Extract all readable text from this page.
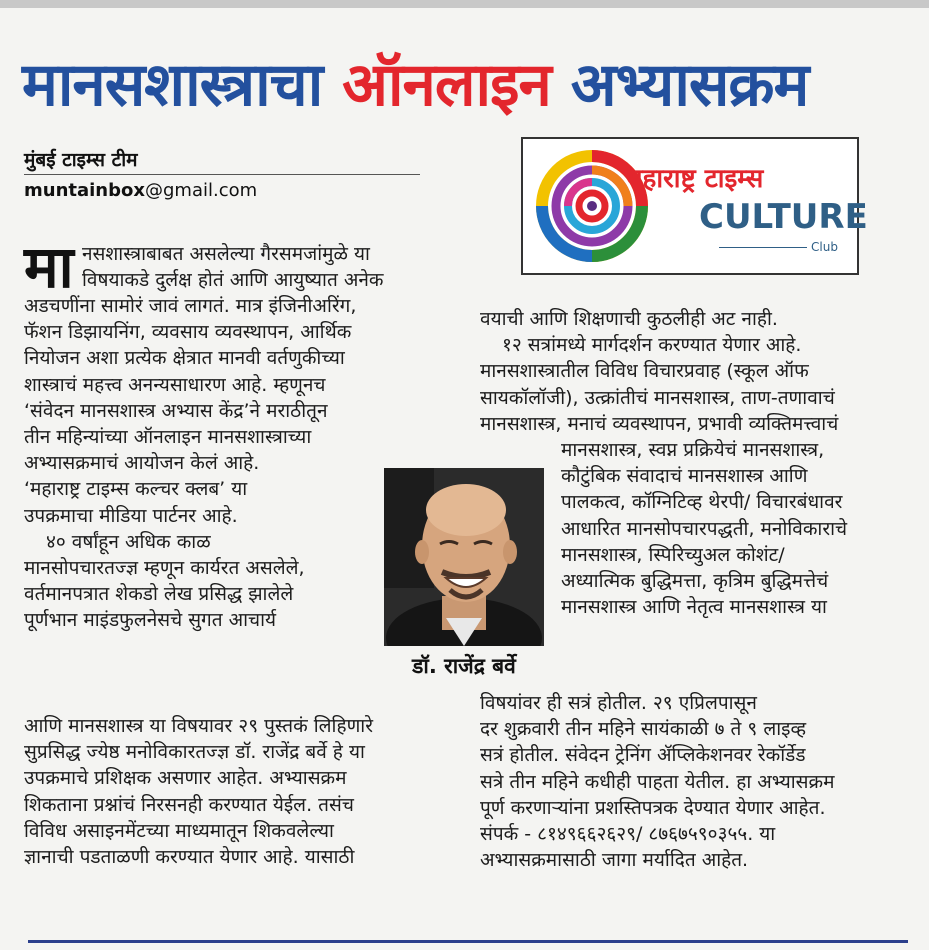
मानसशास्त्राचा ऑनलाइन अभ्यासक्रम
मुंबई टाइम्स टीम
muntainbox@gmail.com	महाराष्ट्र टाइम्स
CULTURE
Club
मा नसशास्त्राबाबत असलेल्या गैरसमजांमुळे या
विषयाकडे दुर्लक्ष होतं आणि आयुष्यात अनेक
अडचणींना सामोरं जावं लागतं. मात्र इंजिनीअरिंग,
फॅशन डिझायनिंग, व्यवसाय व्यवस्थापन, आर्थिक
नियोजन अशा प्रत्येक क्षेत्रात मानवी वर्तणुकीच्या
शास्त्राचं महत्त्व अनन्यसाधारण आहे. म्हणूनच
‘संवेदन मानसशास्त्र अभ्यास केंद्र’ने मराठीतून
तीन महिन्यांच्या ऑनलाइन मानसशास्त्राच्या
अभ्यासक्रमाचं आयोजन केलं आहे.
‘महाराष्ट्र टाइम्स कल्चर क्लब’ या
उपक्रमाचा मीडिया पार्टनर आहे.
४० वर्षांहून अधिक काळ
मानसोपचारतज्ज्ञ म्हणून कार्यरत असलेले,
वर्तमानपत्रात शेकडो लेख प्रसिद्ध झालेले
पूर्णभान माइंडफुलनेसचे सुगत आचार्य
आणि मानसशास्त्र या विषयावर २९ पुस्तकं लिहिणारे
सुप्रसिद्ध ज्येष्ठ मनोविकारतज्ज्ञ डॉ. राजेंद्र बर्वे हे या
उपक्रमाचे प्रशिक्षक असणार आहेत. अभ्यासक्रम
शिकताना प्रश्नांचं निरसनही करण्यात येईल. तसंच
विविध असाइनमेंटच्या माध्यमातून शिकवलेल्या
ज्ञानाची पडताळणी करण्यात येणार आहे. यासाठी
वयाची आणि शिक्षणाची कुठलीही अट नाही.
१२ सत्रांमध्ये मार्गदर्शन करण्यात येणार आहे.
मानसशास्त्रातील विविध विचारप्रवाह (स्कूल ऑफ
सायकॉलॉजी), उत्क्रांतीचं मानसशास्त्र, ताण-तणावाचं
मानसशास्त्र, मनाचं व्यवस्थापन, प्रभावी व्यक्तिमत्त्वाचं
मानसशास्त्र, स्वप्न प्रक्रियेचं मानसशास्त्र,
कौटुंबिक संवादाचं मानसशास्त्र आणि
पालकत्व, कॉग्निटिव्ह थेरपी/ विचारबंधावर
आधारित मानसोपचारपद्धती, मनोविकाराचे
मानसशास्त्र, स्पिरिच्युअल कोशंट/
अध्यात्मिक बुद्धिमत्ता, कृत्रिम बुद्धिमत्तेचं
मानसशास्त्र आणि नेतृत्व मानसशास्त्र या
विषयांवर ही सत्रं होतील. २९ एप्रिलपासून
दर शुक्रवारी तीन महिने सायंकाळी ७ ते ९ लाइव्ह
सत्रं होतील. संवेदन ट्रेनिंग ॲप्लिकेशनवर रेकॉर्डेड
सत्रे तीन महिने कधीही पाहता येतील. हा अभ्यासक्रम
पूर्ण करणाऱ्यांना प्रशस्तिपत्रक देण्यात येणार आहेत.
संपर्क - ८१४९६६२६२९/ ८७६७५९०३५५. या
अभ्यासक्रमासाठी जागा मर्यादित आहेत.
डॉ. राजेंद्र बर्वे
